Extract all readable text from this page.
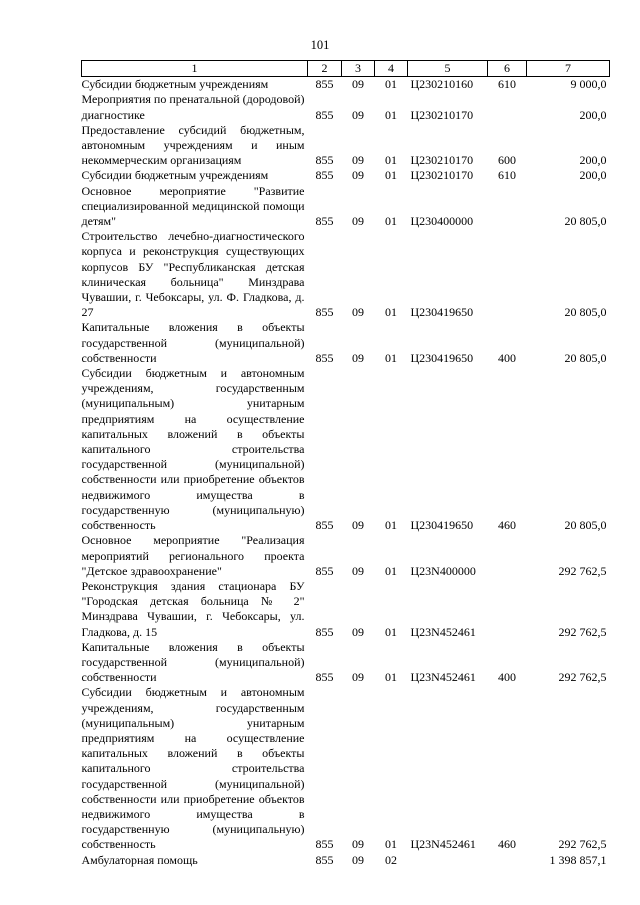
101
1	2	3	4	5	6	7
Субсидии бюджетным учреждениям	855	09	01	Ц230210160	610	9 000,0
Мероприятия по пренатальной (дородовой) диагностике	855	09	01	Ц230210170		200,0
Предоставление субсидий бюджетным, автономным учреждениям и иным некоммерческим организациям	855	09	01	Ц230210170	600	200,0
Субсидии бюджетным учреждениям	855	09	01	Ц230210170	610	200,0
Основное мероприятие "Развитие специализированной медицинской помощи детям"	855	09	01	Ц230400000		20 805,0
Строительство лечебно-диагностического корпуса и реконструкция существующих корпусов БУ "Республиканская детская клиническая больница" Минздрава Чувашии, г. Чебоксары, ул. Ф. Гладкова, д. 27	855	09	01	Ц230419650		20 805,0
Капитальные вложения в объекты государственной (муниципальной) собственности	855	09	01	Ц230419650	400	20 805,0
Субсидии бюджетным и автономным учреждениям, государственным (муниципальным) унитарным предприятиям на осуществление капитальных вложений в объекты капитального строительства государственной (муниципальной) собственности или приобретение объектов недвижимого имущества в государственную (муниципальную) собственность	855	09	01	Ц230419650	460	20 805,0
Основное мероприятие "Реализация мероприятий регионального проекта "Детское здравоохранение"	855	09	01	Ц23N400000		292 762,5
Реконструкция здания стационара БУ "Городская детская больница № 2" Минздрава Чувашии, г. Чебоксары, ул. Гладкова, д. 15	855	09	01	Ц23N452461		292 762,5
Капитальные вложения в объекты государственной (муниципальной) собственности	855	09	01	Ц23N452461	400	292 762,5
Субсидии бюджетным и автономным учреждениям, государственным (муниципальным) унитарным предприятиям на осуществление капитальных вложений в объекты капитального строительства государственной (муниципальной) собственности или приобретение объектов недвижимого имущества в государственную (муниципальную) собственность	855	09	01	Ц23N452461	460	292 762,5
Амбулаторная помощь	855	09	02			1 398 857,1
